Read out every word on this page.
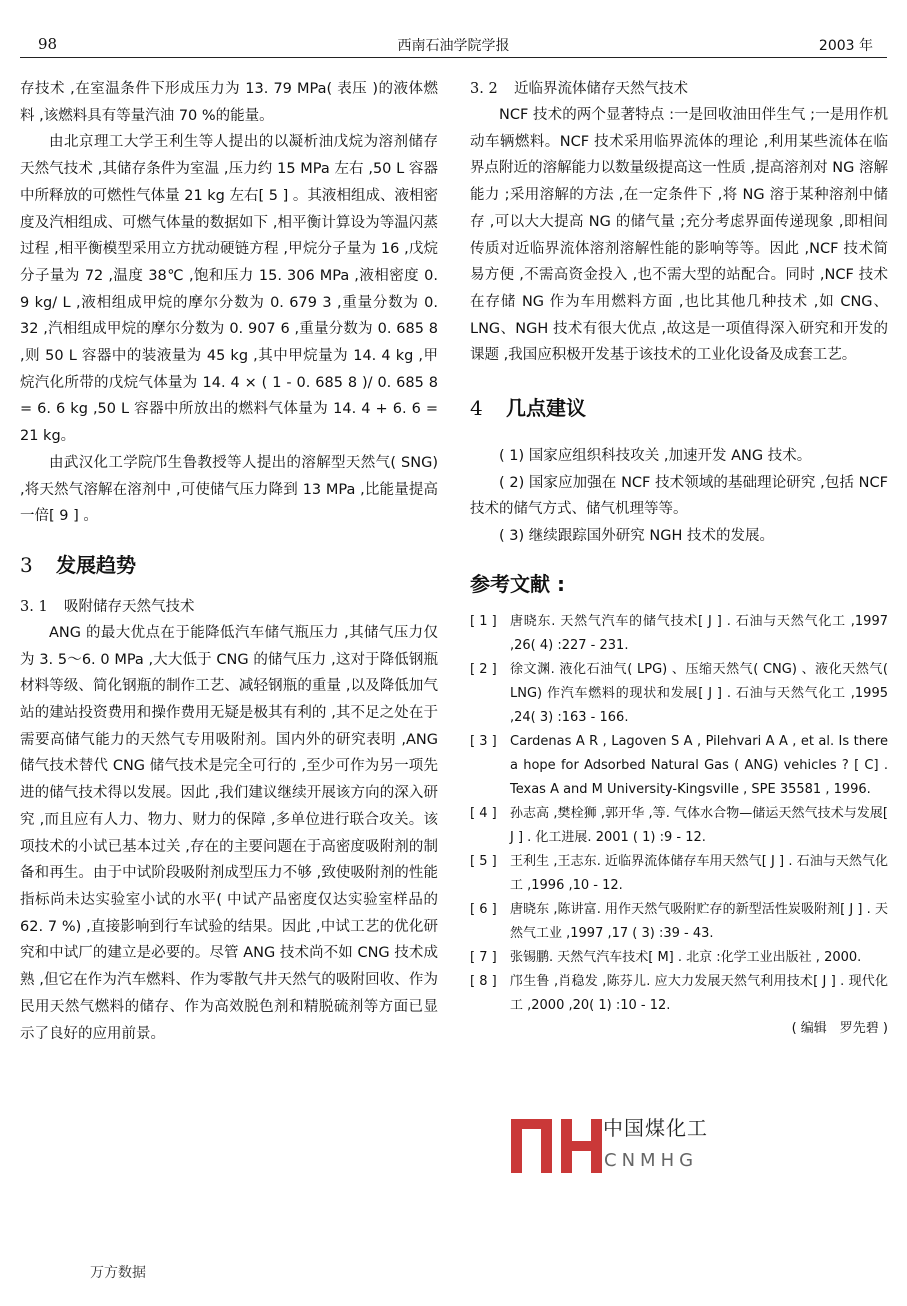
98	西南石油学院学报	2003 年

存技术 ,在室温条件下形成压力为 13. 79 MPa( 表压 )的液体燃料 ,该燃料具有等量汽油 70 %的能量。

由北京理工大学王利生等人提出的以凝析油戊烷为溶剂储存天然气技术 ,其储存条件为室温 ,压力约 15 MPa 左右 ,50 L 容器中所释放的可燃性气体量 21 kg 左右[ 5 ] 。其液相组成、液相密度及汽相组成、可燃气体量的数据如下 ,相平衡计算设为等温闪蒸过程 ,相平衡模型采用立方扰动硬链方程 ,甲烷分子量为 16 ,戊烷分子量为 72 ,温度 38℃ ,饱和压力 15. 306 MPa ,液相密度 0. 9 kg/ L ,液相组成甲烷的摩尔分数为 0. 679 3 ,重量分数为 0. 32 ,汽相组成甲烷的摩尔分数为 0. 907 6 ,重量分数为 0. 685 8 ,则 50 L 容器中的装液量为 45 kg ,其中甲烷量为 14. 4 kg ,甲烷汽化所带的戊烷气体量为 14. 4 × ( 1 - 0. 685 8 )/ 0. 685 8 = 6. 6 kg ,50 L 容器中所放出的燃料气体量为 14. 4 + 6. 6 = 21 kg。

由武汉化工学院邝生鲁教授等人提出的溶解型天然气( SNG) ,将天然气溶解在溶剂中 ,可使储气压力降到 13 MPa ,比能量提高一倍[ 9 ] 。

3 发展趋势
3. 1 吸附储存天然气技术

ANG 的最大优点在于能降低汽车储气瓶压力 ,其储气压力仅为 3. 5～6. 0 MPa ,大大低于 CNG 的储气压力 ,这对于降低钢瓶材料等级、简化钢瓶的制作工艺、减轻钢瓶的重量 ,以及降低加气站的建站投资费用和操作费用无疑是极其有利的 ,其不足之处在于需要高储气能力的天然气专用吸附剂。国内外的研究表明 ,ANG 储气技术替代 CNG 储气技术是完全可行的 ,至少可作为另一项先进的储气技术得以发展。因此 ,我们建议继续开展该方向的深入研究 ,而且应有人力、物力、财力的保障 ,多单位进行联合攻关。该项技术的小试已基本过关 ,存在的主要问题在于高密度吸附剂的制备和再生。由于中试阶段吸附剂成型压力不够 ,致使吸附剂的性能指标尚未达实验室小试的水平( 中试产品密度仅达实验室样品的 62. 7 %) ,直接影响到行车试验的结果。因此 ,中试工艺的优化研究和中试厂的建立是必要的。尽管 ANG 技术尚不如 CNG 技术成熟 ,但它在作为汽车燃料、作为零散气井天然气的吸附回收、作为民用天然气燃料的储存、作为高效脱色剂和精脱硫剂等方面已显示了良好的应用前景。

3. 2 近临界流体储存天然气技术

NCF 技术的两个显著特点 :一是回收油田伴生气 ;一是用作机动车辆燃料。NCF 技术采用临界流体的理论 ,利用某些流体在临界点附近的溶解能力以数量级提高这一性质 ,提高溶剂对 NG 溶解能力 ;采用溶解的方法 ,在一定条件下 ,将 NG 溶于某种溶剂中储存 ,可以大大提高 NG 的储气量 ;充分考虑界面传递现象 ,即相间传质对近临界流体溶剂溶解性能的影响等等。因此 ,NCF 技术简易方便 ,不需高资金投入 ,也不需大型的站配合。同时 ,NCF 技术在存储 NG 作为车用燃料方面 ,也比其他几种技术 ,如 CNG、LNG、NGH 技术有很大优点 ,故这是一项值得深入研究和开发的课题 ,我国应积极开发基于该技术的工业化设备及成套工艺。

4 几点建议

( 1) 国家应组织科技攻关 ,加速开发 ANG 技术。

( 2) 国家应加强在 NCF 技术领域的基础理论研究 ,包括 NCF 技术的储气方式、储气机理等等。

( 3) 继续跟踪国外研究 NGH 技术的发展。

参考文献 :
[ 1 ]	唐晓东. 天然气汽车的储气技术[ J ] . 石油与天然气化工 ,1997 ,26( 4) :227 - 231.
[ 2 ]	徐文渊. 液化石油气( LPG) 、压缩天然气( CNG) 、液化天然气( LNG) 作汽车燃料的现状和发展[ J ] . 石油与天然气化工 ,1995 ,24( 3) :163 - 166.
[ 3 ]	Cardenas A R , Lagoven S A , Pilehvari A A , et al. Is there a hope for Adsorbed Natural Gas ( ANG) vehicles ? [ C] . Texas A and M University-Kingsville , SPE 35581 , 1996.
[ 4 ]	孙志高 ,樊栓狮 ,郭开华 ,等. 气体水合物—储运天然气技术与发展[ J ] . 化工进展. 2001 ( 1) :9 - 12.
[ 5 ]	王利生 ,王志东. 近临界流体储存车用天然气[ J ] . 石油与天然气化工 ,1996 ,10 - 12.
[ 6 ]	唐晓东 ,陈讲富. 用作天然气吸附贮存的新型活性炭吸附剂[ J ] . 天然气工业 ,1997 ,17 ( 3) :39 - 43.
[ 7 ]	张锡鹏. 天然气汽车技术[ M] . 北京 :化学工业出版社 , 2000.
[ 8 ]	邝生鲁 ,肖稳发 ,陈芬儿. 应大力发展天然气利用技术[ J ] . 现代化工 ,2000 ,20( 1) :10 - 12.
( 编辑　罗先碧 )
中国煤化工
CNMHG
万方数据
